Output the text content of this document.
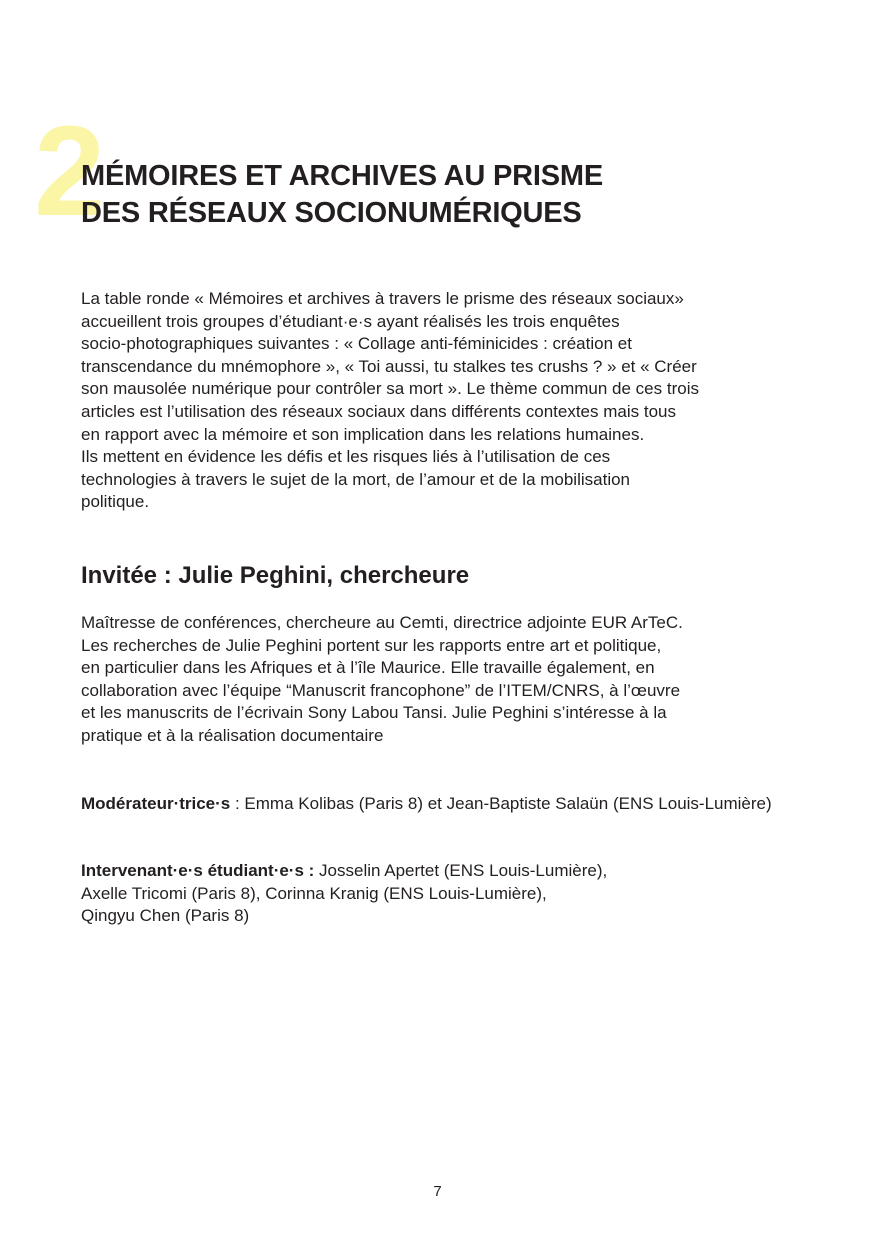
2
MÉMOIRES ET ARCHIVES AU PRISME
DES RÉSEAUX SOCIONUMÉRIQUES

La table ronde « Mémoires et archives à travers le prisme des réseaux sociaux»
accueillent trois groupes d’étudiant·e·s ayant réalisés les trois enquêtes
socio-photographiques suivantes : « Collage anti-féminicides : création et
transcendance du mnémophore », « Toi aussi, tu stalkes tes crushs ? » et « Créer
son mausolée numérique pour contrôler sa mort ». Le thème commun de ces trois
articles est l’utilisation des réseaux sociaux dans différents contextes mais tous
en rapport avec la mémoire et son implication dans les relations humaines.
Ils mettent en évidence les défis et les risques liés à l’utilisation de ces
technologies à travers le sujet de la mort, de l’amour et de la mobilisation
politique.

Invitée : Julie Peghini, chercheure

Maîtresse de conférences, chercheure au Cemti, directrice adjointe EUR ArTeC.
Les recherches de Julie Peghini portent sur les rapports entre art et politique,
en particulier dans les Afriques et à l’île Maurice. Elle travaille également, en
collaboration avec l’équipe “Manuscrit francophone” de l’ITEM/CNRS, à l’œuvre
et les manuscrits de l’écrivain Sony Labou Tansi. Julie Peghini s’intéresse à la
pratique et à la réalisation documentaire

Modérateur·trice·s : Emma Kolibas (Paris 8) et Jean-Baptiste Salaün (ENS Louis-Lumière)

Intervenant·e·s étudiant·e·s : Josselin Apertet (ENS Louis-Lumière),
Axelle Tricomi (Paris 8), Corinna Kranig (ENS Louis-Lumière),
Qingyu Chen (Paris 8)

7
